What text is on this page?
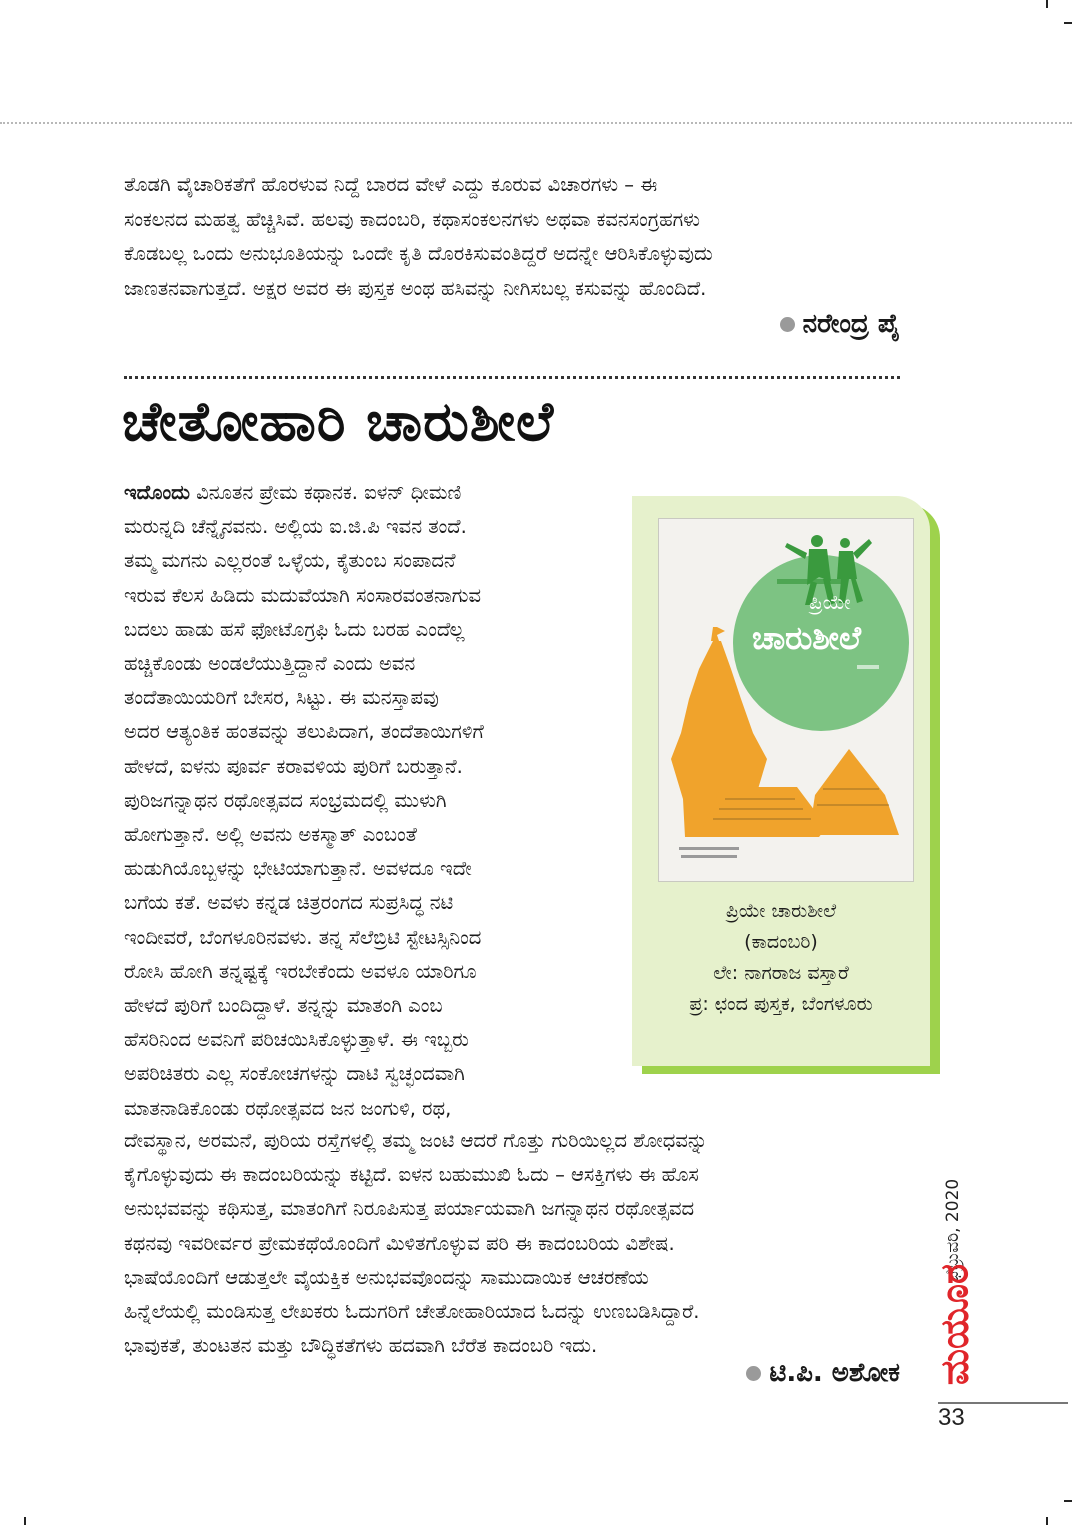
ತೊಡಗಿ ವೈಚಾರಿಕತೆಗೆ ಹೊರಳುವ ನಿದ್ದೆ ಬಾರದ ವೇಳೆ ಎದ್ದು ಕೂರುವ ವಿಚಾರಗಳು – ಈ

ಸಂಕಲನದ ಮಹತ್ವ ಹೆಚ್ಚಿಸಿವೆ. ಹಲವು ಕಾದಂಬರಿ, ಕಥಾಸಂಕಲನಗಳು ಅಥವಾ ಕವನಸಂಗ್ರಹಗಳು

ಕೊಡಬಲ್ಲ ಒಂದು ಅನುಭೂತಿಯನ್ನು ಒಂದೇ ಕೃತಿ ದೊರಕಿಸುವಂತಿದ್ದರೆ ಅದನ್ನೇ ಆರಿಸಿಕೊಳ್ಳುವುದು

ಜಾಣತನವಾಗುತ್ತದೆ. ಅಕ್ಷರ ಅವರ ಈ ಪುಸ್ತಕ ಅಂಥ ಹಸಿವನ್ನು ನೀಗಿಸಬಲ್ಲ ಕಸುವನ್ನು ಹೊಂದಿದೆ.

ನರೇಂದ್ರ ಪೈ
ಚೇತೋಹಾರಿ ಚಾರುಶೀಲೆ

ಇದೊಂದು ವಿನೂತನ ಪ್ರೇಮ ಕಥಾನಕ. ಐಳನ್ ಧೀಮಣಿ

ಮರುನ್ನದಿ ಚೆನ್ನೈನವನು. ಅಲ್ಲಿಯ ಐ.ಜಿ.ಪಿ ಇವನ ತಂದೆ.

ತಮ್ಮ ಮಗನು ಎಲ್ಲರಂತೆ ಒಳ್ಳೆಯ, ಕೈತುಂಬ ಸಂಪಾದನೆ

ಇರುವ ಕೆಲಸ ಹಿಡಿದು ಮದುವೆಯಾಗಿ ಸಂಸಾರವಂತನಾಗುವ

ಬದಲು ಹಾಡು ಹಸೆ ಫೋಟೊಗ್ರಫಿ ಓದು ಬರಹ ಎಂದೆಲ್ಲ

ಹಚ್ಚಿಕೊಂಡು ಅಂಡಲೆಯುತ್ತಿದ್ದಾನೆ ಎಂದು ಅವನ

ತಂದೆತಾಯಿಯರಿಗೆ ಬೇಸರ, ಸಿಟ್ಟು. ಈ ಮನಸ್ತಾಪವು

ಅದರ ಆತ್ಯಂತಿಕ ಹಂತವನ್ನು ತಲುಪಿದಾಗ, ತಂದೆತಾಯಿಗಳಿಗೆ

ಹೇಳದೆ, ಐಳನು ಪೂರ್ವ ಕರಾವಳಿಯ ಪುರಿಗೆ ಬರುತ್ತಾನೆ.

ಪುರಿಜಗನ್ನಾಥನ ರಥೋತ್ಸವದ ಸಂಭ್ರಮದಲ್ಲಿ ಮುಳುಗಿ

ಹೋಗುತ್ತಾನೆ. ಅಲ್ಲಿ ಅವನು ಅಕಸ್ಮಾತ್ ಎಂಬಂತೆ

ಹುಡುಗಿಯೊಬ್ಬಳನ್ನು ಭೇಟಿಯಾಗುತ್ತಾನೆ. ಅವಳದೂ ಇದೇ

ಬಗೆಯ ಕತೆ. ಅವಳು ಕನ್ನಡ ಚಿತ್ರರಂಗದ ಸುಪ್ರಸಿದ್ಧ ನಟಿ

ಇಂದೀವರೆ, ಬೆಂಗಳೂರಿನವಳು. ತನ್ನ ಸೆಲೆಬ್ರಿಟಿ ಸ್ಟೇಟಸ್ಸಿನಿಂದ

ರೋಸಿ ಹೋಗಿ ತನ್ನಷ್ಟಕ್ಕೆ ಇರಬೇಕೆಂದು ಅವಳೂ ಯಾರಿಗೂ

ಹೇಳದೆ ಪುರಿಗೆ ಬಂದಿದ್ದಾಳೆ. ತನ್ನನ್ನು ಮಾತಂಗಿ ಎಂಬ

ಹೆಸರಿನಿಂದ ಅವನಿಗೆ ಪರಿಚಯಿಸಿಕೊಳ್ಳುತ್ತಾಳೆ. ಈ ಇಬ್ಬರು

ಅಪರಿಚಿತರು ಎಲ್ಲ ಸಂಕೋಚಗಳನ್ನು ದಾಟಿ ಸ್ವಚ್ಛಂದವಾಗಿ

ಮಾತನಾಡಿಕೊಂಡು ರಥೋತ್ಸವದ ಜನ ಜಂಗುಳಿ, ರಥ,

ಪ್ರಿಯೇ
ಚಾರುಶೀಲೆ
ಪ್ರಿಯೇ ಚಾರುಶೀಲೆ
(ಕಾದಂಬರಿ)
ಲೇ: ನಾಗರಾಜ ವಸ್ತಾರೆ
ಪ್ರ: ಛಂದ ಪುಸ್ತಕ, ಬೆಂಗಳೂರು

ದೇವಸ್ಥಾನ, ಅರಮನೆ, ಪುರಿಯ ರಸ್ತೆಗಳಲ್ಲಿ ತಮ್ಮ ಜಂಟಿ ಆದರೆ ಗೊತ್ತು ಗುರಿಯಿಲ್ಲದ ಶೋಧವನ್ನು

ಕೈಗೊಳ್ಳುವುದು ಈ ಕಾದಂಬರಿಯನ್ನು ಕಟ್ಟಿದೆ. ಐಳನ ಬಹುಮುಖಿ ಓದು – ಆಸಕ್ತಿಗಳು ಈ ಹೊಸ

ಅನುಭವವನ್ನು ಕಥಿಸುತ್ತ, ಮಾತಂಗಿಗೆ ನಿರೂಪಿಸುತ್ತ ಪರ್ಯಾಯವಾಗಿ ಜಗನ್ನಾಥನ ರಥೋತ್ಸವದ

ಕಥನವು ಇವರೀರ್ವರ ಪ್ರೇಮಕಥೆಯೊಂದಿಗೆ ಮಿಳಿತಗೊಳ್ಳುವ ಪರಿ ಈ ಕಾದಂಬರಿಯ ವಿಶೇಷ.

ಭಾಷೆಯೊಂದಿಗೆ ಆಡುತ್ತಲೇ ವೈಯಕ್ತಿಕ ಅನುಭವವೊಂದನ್ನು ಸಾಮುದಾಯಿಕ ಆಚರಣೆಯ

ಹಿನ್ನೆಲೆಯಲ್ಲಿ ಮಂಡಿಸುತ್ತ ಲೇಖಕರು ಓದುಗರಿಗೆ ಚೇತೋಹಾರಿಯಾದ ಓದನ್ನು ಉಣಬಡಿಸಿದ್ದಾರೆ.

ಭಾವುಕತೆ, ತುಂಟತನ ಮತ್ತು ಬೌದ್ಧಿಕತೆಗಳು ಹದವಾಗಿ ಬೆರೆತ ಕಾದಂಬರಿ ಇದು.

ಟಿ.ಪಿ. ಅಶೋಕ
ಫೆಬ್ರುವರಿ, 2020
ಮಯೂರ
33
